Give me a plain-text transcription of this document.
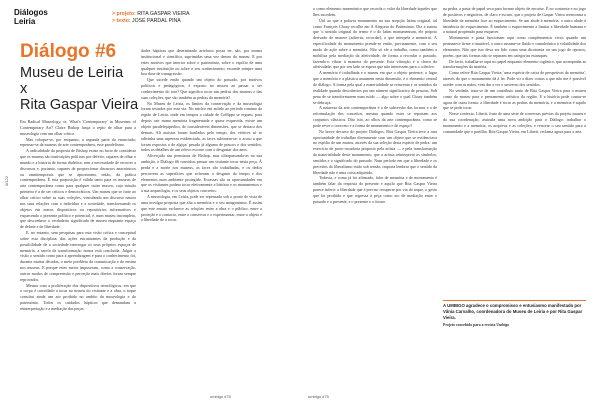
Diálogos
Leiria
> projeto: RITA GASPAR VIEIRA
> texto: JOSÉ PARDAL PINA
0/122
Diálogo #6
Museu de Leiria
x
Rita Gaspar Vieira

Em Radical Museology, or, What's 'Contemporary' in Museums of Contemporary Art? Claire Bishop lança o repto de olhar para a museologia com um olhar crítico.

Mas coloque-se, por enquanto, a segunda parte do enunciado; repensar-se da museus de arte contemporânea, esse paralelismo.

A radicalidade da proposta de Bishop existe no facto de considerar que os museus são instituições políticas por defeito, capazes de olhar o mundo e a história de forma dialética, sem a necessidade de recorrer a discursos e, portanto, capazes de proporcionar discursos anacrónicos ou omnitemporais que se aproximem, então, da prática contemporânea. É esta proposição é válida tanto para os museus de arte contemporânea como para qualquer outro museu, cuja missão primeira é a de ser críticos e democráticos. Um museu que se furte ao olhar crítico sobre as suas coleções, vinculando um discurso neutro nas suas relações com o indivíduo e a sociedade, transformando os objetos em meros dispositivos ou repositórios informativos e esquecendo o presente político e potencial, é, num museu incompleto, que desconhece o verdadeiro significado de museu enquanto espaço de debate e de liberdade.

E, no entanto, sem pesquisas para esta visão crítica e conceptual sobre esta disciplina, das ações estruturantes da produção e da possibilidade de a sociedade interrogar os seus próprios espaços de memória, a tarefa de transformação nunca está concluída. Julgar a visão o sentido como para a aprendizagem e para o conhecimento foi, durante muitas décadas, o meio predileto da comunicação e do ensino nos museus. E porque estes meios impuseram, como a conservação, outros modos de compreensão e perceção mais diretos foram sempre reprovados.

Mesmo com a proliferação dos dispositivos tecnológicos, em que o corpo é convidado a tocar no museu do visitante e a obra, o toque constitui ainda um ato proibido no ambito da museologia e do património. Todos os cuidados hápticos que demandam a reinterpretação e a mediação das peças.

dades hápticas que determinado artefacto possa ter, são, por norma institucional e científica, suprimidas uma vez dentro do museu. E por estes motivos que interior sobre o património, sobre o espólio de uma qualquer instituição ou sobre o seu conhecimento, esconde sempre uma boa dose de transgressão.

Que sucede então quando um objeto do passado, por motivos políticos e pedagógicos, é exposto no museu ao passar a ser conhecimento do toto? Que significa tocar nas pedras dos museus e das suas coleções, que são também as pedras da memória?

No Museu de Leiria, os limites da conservação e da museologia foram testados por esta via. No núcleo em aulido ao período romano da região de Leiria, onde em tempos a cidade de Collippo se ergueu, para depois cair numa memória fragmentada e quase esquecida, existe um objeto paralelepipédico, de consideráveis dimensões, que se destaca dos demais. Ali assistas foram burilados pelo tempo, dos vértices só se adivinha uma aspereza evidenciada, as faces subtraem-se: o acaso a que foram expostos o de algiça/ pesada já alguma de poucos e dos sentidos, todos os detalhes de um relevo escorre com o desgastar dos anos.

Alicerçada nas permissas de Bishop, mas ultrapassando-as na sua ambição, o Diálogo #6 convidou pensar um visitante tocar nesta peça. À perda e a morte nos museus, as faces são trabalhadas, e os dedos percorrem as superfícies que sofreram o desgaste do tempo e dos elementos num ambiente protegido. Escassas são as oportunidades em que os visitantes podem tocar efetivamente a história e os monumentos e a sua arqueologia, e os seus objetos concretos.

A museologia, em Leiria, pode ser repensada sob o ponto de vista de uma invulgar proposta que alia a memória e o seu antagonismo. É assim que este ensaio esclarece as relações entre a obra e o público, entre a proteção e o contacto, entre o conservar e o experimentar, entre o objeto e a liberdade de o tocar.

o como elemento mnemónico que recorda o valor da liberdade àqueles que lhes sucedem.

Útil ao que a palavra monumento na sua acepção latina original, tal como François Choay recolhe em A Alegoria do Património. Diz a autora que 'o sentido original do termo é o do latim monumentum, ele próprio derivado de monere (advertir, recordar), o que interpela a memória'. A especificidade do monumento prende-se então, precisamente, com o seu modo de ação sobre a memória. Não só ele a trabalha, como também a mobiliza pela mediação da afetividade, de forma a recordar o passado, fazendo-o vibrar à maneira do presente. Esta vibração é a chave da afetividade, que por seu lado se espera que não interessem para o coletivo.

A memória é trabalhada e o museu em que o objeto pertence, o lugar que a memória e a plástica assumem nesta dimensão, é o elemento central do diálogo. A forma pela qual a materialidade se reinventa e os sentidos da realidade quando descobertos por um número significativo de pessoas. Sob pena de se transformarem num ruído — algo sobre o qual Choay também se debruça.

A natureza da arte contemporânea é a de subversão das formas e a de reformulação dos conceitos, mesmo quando estes se reportam aos conjuntos clássicos. Dito isto, ao olhos da arte contemporânea, como se pode rever o concreto e a forma de monumento e de espaço?

No breve decurso do projeto Diálogos, Rita Gaspar Vieira teve a rara oportunidade de trabalhar diretamente com um objeto que se evidenciava no espólio de um museu, através da sua seleção desta espécie de pedra: um exercício de proto-curadoria proposto pela artista — e pela transformação da materialidade deste monumento, que a artista reinterpreta os símbolos, sentidos e o significado do passado. Num período em que a liberdade e os preceitos do liberalismo estão sob tensão, importa lembrar que o sentido da liberdade não é uma coisa adquirida.

Todavia, e como já foi afirmado, falar de memória e de monumento é também falar da resposta do presente e aquilo que Rita Gaspar Vieira parece inferir: a liberdade que é preciso recuperar por via do toque, o gesto que foi proibido e que regressa à peça como ato de mediação entre o passado e o presente, e o presente e o futuro.

na pedra, a pasta de papel seca para formar objeto de encaixe. É no contraste e no jogo de positivos e negativos, de claro e escuro, que o projeto de Gaspar Vieira reencontra a liberdade da memória face ao esquecimento. Se um alude à memória, o outro alude à iminência do esquecimento. É também o esquecimento a limitar a liberdade humana e a natural propensão para esquecer.

Monumento e pasta funcionam aqui como complementos vivos quando um permanece firme e imutável, o outro assume-se fluido e camaleónico à volatilidade dos elementos. Não que isto deva ser lido como uma dicotomia ou um jogo de opostos, porém, que tais formas não se separam em categorias estanques.

De facto, trabalha-se aqui no papel enquanto elemento orgânico, que acompanha as transformações da matéria.

Como refere Rita Gaspar Vieira: 'uma espécie de caixa de perspetivas da memória', através do que o monumento dá à ler. Pode vir a dizer coisas a que não me é possível aceder com as mãos, vem dar a ver o universo dos sentidos.

Na verdade, trata-se de um contributo tanto de Rita Gaspar Vieira para o museu como do museu para o pensamento artístico da região. E a história pode contar-se agora de outra forma: a liberdade é tocar as pedras da memória, e a memória é aquilo que se pode tocar.

Nesse contexto, Liberti, fruto de uma série de conversas prévias do projeto museu e da sua coordenação, assinala uma nova ambição para o Diálogo: trabalhar o monumento e a memória, os arquivos e as coleções, e renovar o seu sentido para a comunidade que o partilha. Rita Gaspar Vieira, em Liberti, reclama agora para a arte.

A UMBIGO agradece o compromisso e entusiasmo manifestado por Vânia Carvalho, coordenadora do Museu de Leiria e por Rita Gaspar Vieira.
Projeto concebido para a revista Umbigo
umbigo #75	umbigo #75
